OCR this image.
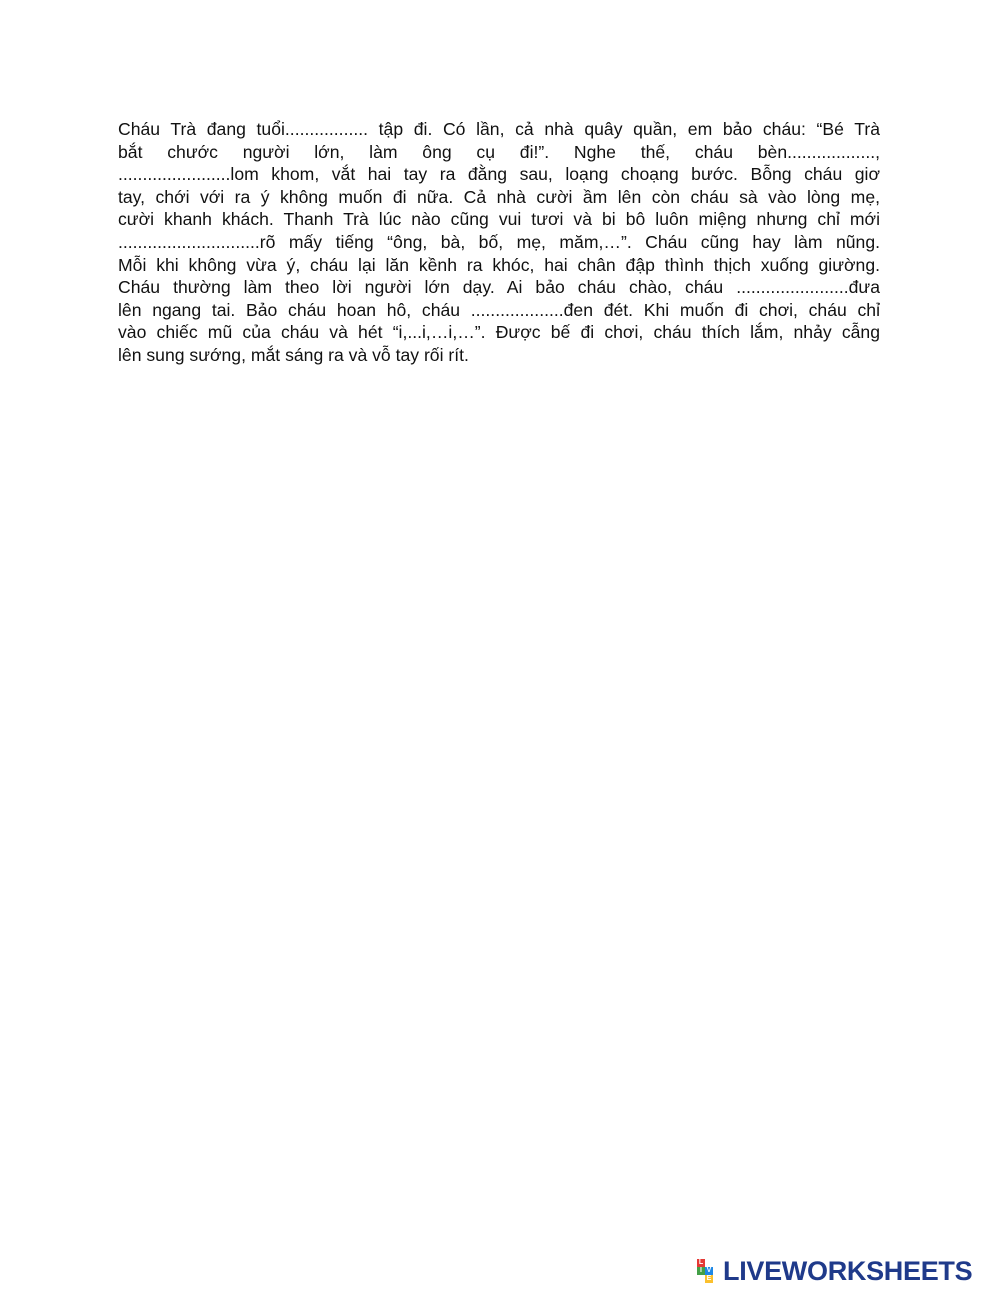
Cháu Trà đang tuổi................. tập đi. Có lần, cả nhà quây quần, em bảo cháu: “Bé Trà
bắt chước người lớn, làm ông cụ đi!”. Nghe thế, cháu bèn..................,
.......................lom khom, vắt hai tay ra đằng sau, loạng choạng bước. Bỗng cháu giơ
tay, chới với ra ý không muốn đi nữa. Cả nhà cười ầm lên còn cháu sà vào lòng mẹ,
cười khanh khách. Thanh Trà lúc nào cũng vui tươi và bi bô luôn miệng nhưng chỉ mới
.............................rõ mấy tiếng “ông, bà, bố, mẹ, măm,…”. Cháu cũng hay làm nũng.
Mỗi khi không vừa ý, cháu lại lăn kềnh ra khóc, hai chân đập thình thịch xuống giường.
Cháu thường làm theo lời người lớn dạy. Ai bảo cháu chào, cháu .......................đưa
lên ngang tai. Bảo cháu hoan hô, cháu ...................đen đét. Khi muốn đi chơi, cháu chỉ
vào chiếc mũ của cháu và hét “i,...i,…i,…”. Được bế đi chơi, cháu thích lắm, nhảy cẫng
lên sung sướng, mắt sáng ra và vỗ tay rối rít.
L
I V
E LIVEWORKSHEETS
